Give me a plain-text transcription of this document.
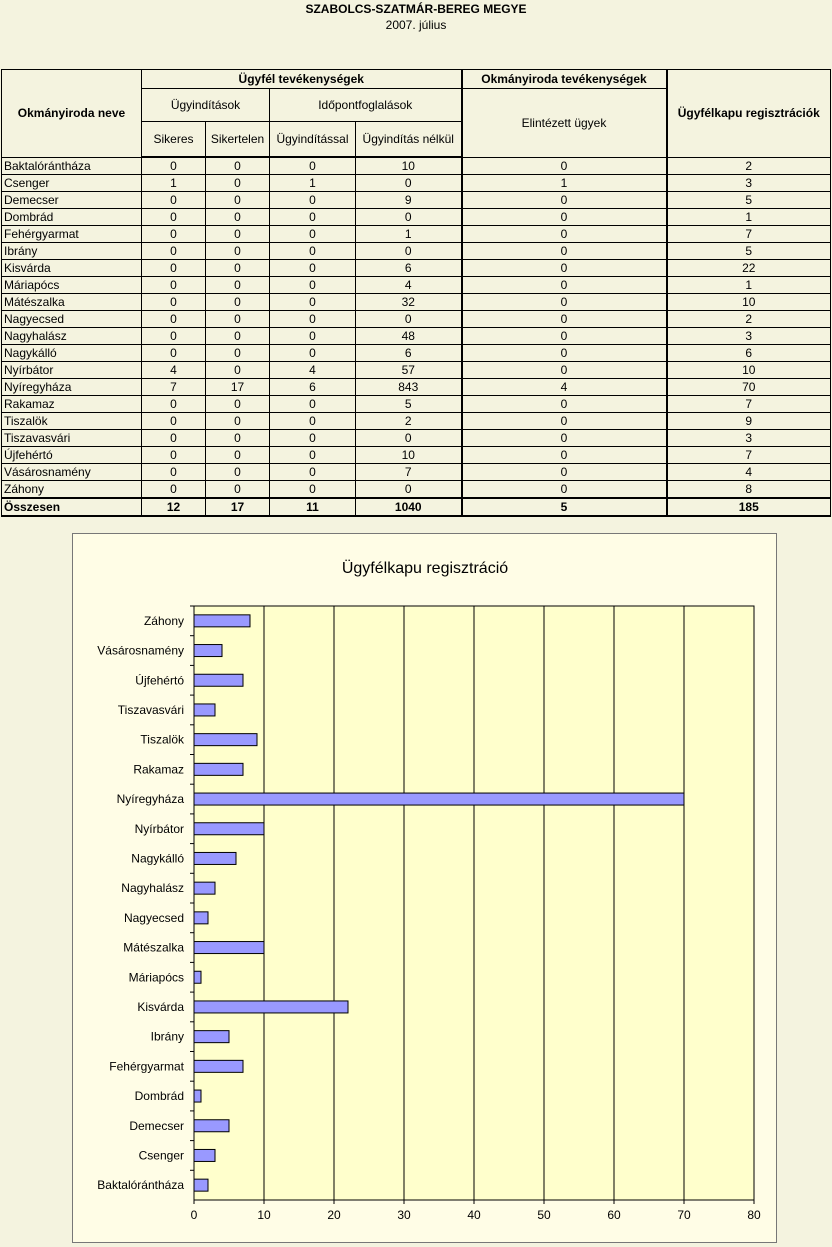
SZABOLCS-SZATMÁR-BEREG MEGYE
2007. július
Okmányiroda neve	Ügyfél tevékenységek				Okmányiroda tevékenységek	Ügyfélkapu regisztrációk
	Ügyindítások		Időpontfoglalások		Elintézett ügyek	
	Sikeres	Sikertelen	Ügyindítással	Ügyindítás nélkül		
Baktalórántháza	0	0	0	10	0	2
Csenger	1	0	1	0	1	3
Demecser	0	0	0	9	0	5
Dombrád	0	0	0	0	0	1
Fehérgyarmat	0	0	0	1	0	7
Ibrány	0	0	0	0	0	5
Kisvárda	0	0	0	6	0	22
Máriapócs	0	0	0	4	0	1
Mátészalka	0	0	0	32	0	10
Nagyecsed	0	0	0	0	0	2
Nagyhalász	0	0	0	48	0	3
Nagykálló	0	0	0	6	0	6
Nyírbátor	4	0	4	57	0	10
Nyíregyháza	7	17	6	843	4	70
Rakamaz	0	0	0	5	0	7
Tiszalök	0	0	0	2	0	9
Tiszavasvári	0	0	0	0	0	3
Újfehértó	0	0	0	10	0	7
Vásárosnamény	0	0	0	7	0	4
Záhony	0	0	0	0	0	8
Összesen	12	17	11	1040	5	185
Ügyfélkapu regisztráció
0	10	20	30	40	50	60	70	80
Záhony
Vásárosnamény
Újfehértó
Tiszavasvári
Tiszalök
Rakamaz
Nyíregyháza
Nyírbátor
Nagykálló
Nagyhalász
Nagyecsed
Mátészalka
Máriapócs
Kisvárda
Ibrány
Fehérgyarmat
Dombrád
Demecser
Csenger
Baktalórántháza
